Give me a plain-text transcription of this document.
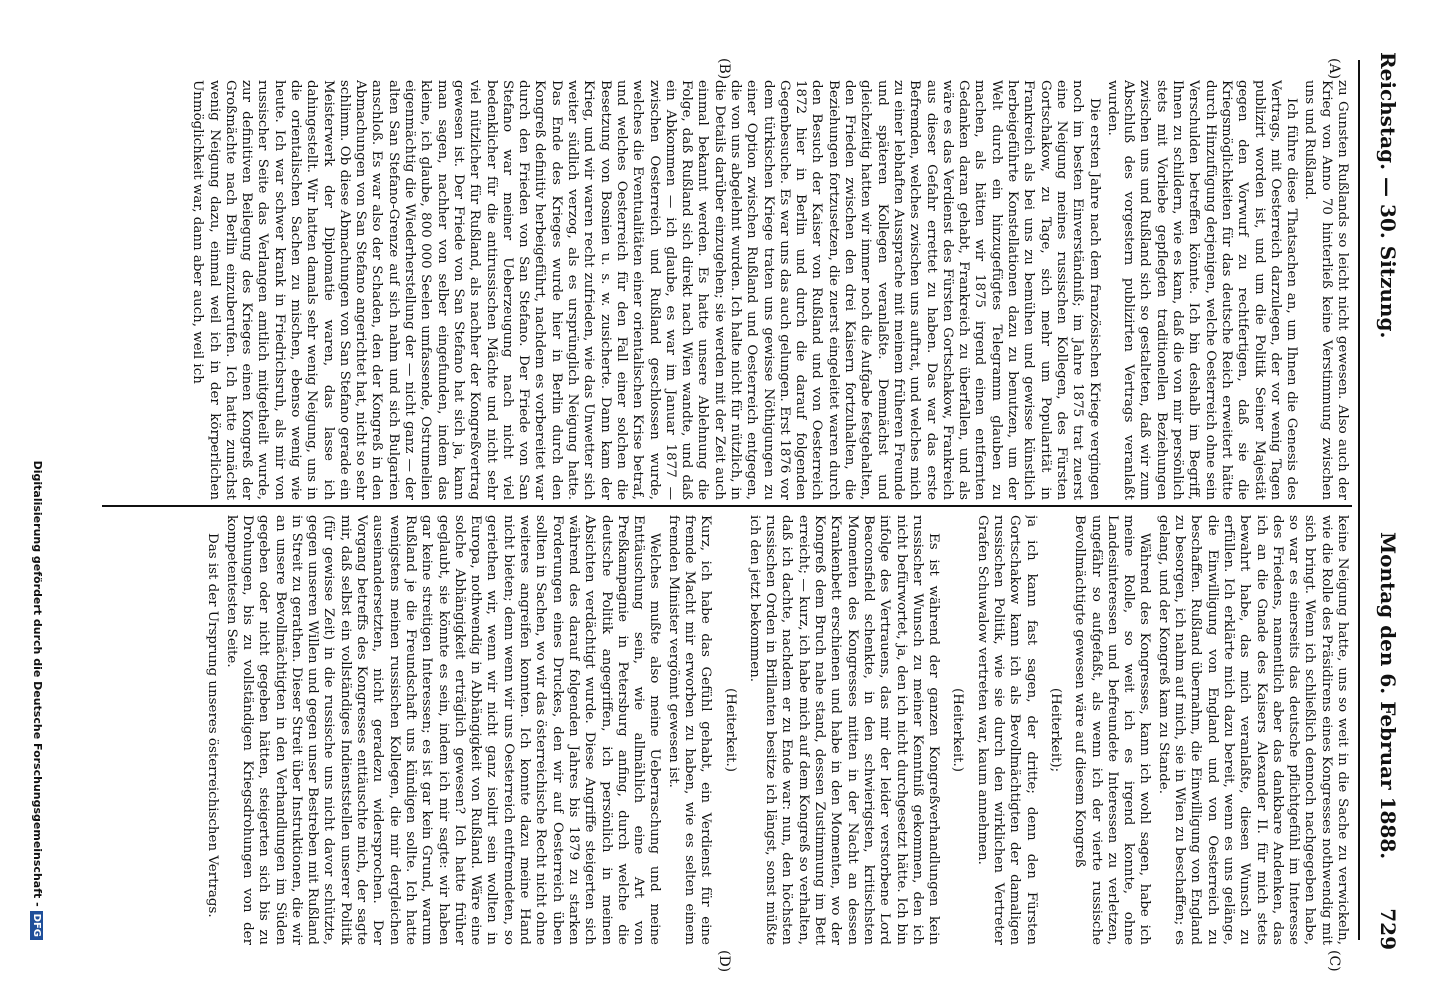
Reichstag. — 30. Sitzung.
Montag den 6. Februar 1888.
729
(A)
(B)
(C)
(D)

zu Gunsten Rußlands so leicht nicht gewesen. Also auch der Krieg von Anno 70 hinterließ keine Verstimmung zwischen uns und Rußland.

Ich führe diese Thatsachen an, um Ihnen die Genesis des Vertrags, mit Oesterreich darzulegen, der vor wenig Tagen publizirt worden ist, und um die Politik Seiner Majestät gegen den Vorwurf zu rechtfertigen, daß sie die Kriegsmöglichkeiten für das deutsche Reich erweitert hätte durch Hinzufügung derjenigen, welche Oesterreich ohne sein Verschulden betreffen könnte. Ich bin deshalb im Begriff, Ihnen zu schildern, wie es kam, daß die von mir persönlich stets mit Vorliebe gepflegten traditionellen Beziehungen zwischen uns und Rußland sich so gestalteten, daß wir zum Abschluß des vorgestern publizirten Vertrags veranlaßt wurden.

Die ersten Jahre nach dem französischen Kriege vergingen noch im besten Einverständniß; im Jahre 1875 trat zuerst eine Neigung meines russischen Kollegen, des Fürsten Gortschakow, zu Tage, sich mehr um Popularität in Frankreich als bei uns zu bemühen und gewisse künstlich herbeigeführte Konstellationen dazu zu benutzen, um der Welt durch ein hinzugefügtes Telegramm glauben zu machen, als hätten wir 1875 irgend einen entfernten Gedanken daran gehabt, Frankreich zu überfallen, und als wäre es das Verdienst des Fürsten Gortschakow, Frankreich aus dieser Gefahr errettet zu haben. Das war das erste Befremden, welches zwischen uns auftrat, und welches mich zu einer lebhaften Aussprache mit meinem früheren Freunde und späteren Kollegen veranlaßte. Demnächst und gleichzeitig hatten wir immer noch die Aufgabe festgehalten, den Frieden zwischen den drei Kaisern fortzuhalten, die Beziehungen fortzusetzen, die zuerst eingeleitet waren durch den Besuch der Kaiser von Rußland und von Oesterreich 1872 hier in Berlin und durch die darauf folgenden Gegenbesuche. Es war uns das auch gelungen. Erst 1876 vor dem türkischen Kriege traten uns gewisse Nöthigungen zu einer Option zwischen Rußland und Oesterreich entgegen, die von uns abgelehnt wurden. Ich halte nicht für nützlich, in die Details darüber einzugehen; sie werden mit der Zeit auch einmal bekannt werden. Es hatte unsere Ablehnung die Folge, daß Rußland sich direkt nach Wien wandte, und daß ein Abkommen — ich glaube, es war im Januar 1877 — zwischen Oesterreich und Rußland geschlossen wurde, welches die Eventualitäten einer orientalischen Krise betraf, und welches Oesterreich für den Fall einer solchen die Besetzung von Bosnien u. s. w. zusicherte. Dann kam der Krieg, und wir waren recht zufrieden, wie das Unwetter sich weiter südlich verzog, als es ursprünglich Neigung hatte. Das Ende des Krieges wurde hier in Berlin durch den Kongreß definitiv herbeigeführt, nachdem es vorbereitet war durch den Frieden von San Stefano. Der Friede von San Stefano war meiner Ueberzeugung nach nicht viel bedenklicher für die antirussischen Mächte und nicht sehr viel nützlicher für Rußland, als nachher der Kongreßvertrag gewesen ist. Der Friede von San Stefano hat sich ja, kann man sagen, nachher von selber eingefunden, indem das kleine, ich glaube, 800 000 Seelen umfassende, Ostrumelien eigenmächtig die Wiederherstellung der — nicht ganz — der alten San Stefano-Grenze auf sich nahm und sich Bulgarien anschloß. Es war also der Schaden, den der Kongreß in den Abmachungen von San Stefano angerichtet hat, nicht so sehr schlimm. Ob diese Abmachungen von San Stefano gerade ein Meisterwerk der Diplomatie waren, das lasse ich dahingestellt. Wir hatten damals sehr wenig Neigung, uns in die orientalischen Sachen zu mischen, ebenso wenig wie heute. Ich war schwer krank in Friedrichsruh, als mir von russischer Seite das Verlangen amtlich mitgetheilt wurde, zur definitiven Beilegung des Krieges einen Kongreß der Großmächte nach Berlin einzuberufen. Ich hatte zunächst wenig Neigung dazu, einmal weil ich in der körperlichen Unmöglichkeit war, dann aber auch, weil ich

keine Neigung hatte, uns so weit in die Sache zu verwickeln, wie die Rolle des Präsidirens eines Kongresses nothwendig mit sich bringt. Wenn ich schließlich dennoch nachgegeben habe, so war es einerseits das deutsche pflichtgefühl im Interesse des Friedens, namentlich aber das dankbare Andenken, das ich an die Gnade des Kaisers Alexander II. für mich stets bewahrt habe, das mich veranlaßte, diesen Wunsch zu erfüllen. Ich erklärte mich dazu bereit, wenn es uns gelänge, die Einwilligung von England und von Oesterreich zu beschaffen. Rußland übernahm, die Einwilligung von England zu besorgen, ich nahm auf mich, sie in Wien zu beschaffen; es gelang, und der Kongreß kam zu Stande.

Während des Kongresses, kann ich wohl sagen, habe ich meine Rolle, so weit ich es irgend konnte, ohne Landesinteressen und befreundete Interessen zu verletzen, ungefähr so aufgefaßt, als wenn ich der vierte russische Bevollmächtigte gewesen wäre auf diesem Kongreß

(Heiterkeit);

ja ich kann fast sagen, der dritte; denn den Fürsten Gortschakow kann ich als Bevollmächtigten der damaligen russischen Politik, wie sie durch den wirklichen Vertreter Grafen Schuwalow vertreten war, kaum annehmen.

(Heiterkeit.)

Es ist während der ganzen Kongreßverhandlungen kein russischer Wunsch zu meiner Kenntniß gekommen, den ich nicht befürwortet, ja, den ich nicht durchgesetzt hätte. Ich bin infolge des Vertrauens, das mir der leider verstorbene Lord Beaconsfield schenkte, in den schwierigsten, kritischsten Momenten des Kongresses mitten in der Nacht an dessen Krankenbett erschienen und habe in den Momenten, wo der Kongreß dem Bruch nahe stand, dessen Zustimmung im Bett erreicht; — kurz, ich habe mich auf dem Kongreß so verhalten, daß ich dachte, nachdem er zu Ende war: nun, den höchsten russischen Orden in Brillanten besitze ich längst, sonst müßte ich den jetzt bekommen.

(Heiterkeit.)

Kurz, ich habe das Gefühl gehabt, ein Verdienst für eine fremde Macht mir erworben zu haben, wie es selten einem fremden Minister vergönnt gewesen ist.

Welches mußte also meine Ueberraschung und meine Enttäuschung sein, wie allmählich eine Art von Preßkampagnie in Petersburg anfing, durch welche die deutsche Politik angegriffen, ich persönlich in meinen Absichten verdächtigt wurde. Diese Angriffe steigerten sich während des darauf folgenden Jahres bis 1879 zu starken Forderungen eines Druckes, den wir auf Oesterreich üben sollten in Sachen, wo wir das österreichische Recht nicht ohne weiteres angreifen konnten. Ich konnte dazu meine Hand nicht bieten; denn wenn wir uns Oesterreich entfremdeten, so geriethen wir, wenn wir nicht ganz isolirt sein wollten in Europa, nothwendig in Abhängigkeit von Rußland. Wäre eine solche Abhängigkeit erträglich gewesen? Ich hatte früher geglaubt, sie könnte es sein, indem ich mir sagte: wir haben gar keine streitigen Interessen; es ist gar kein Grund, warum Rußland je die Freundschaft uns kündigen sollte. Ich hatte wenigstens meinen russischen Kollegen, die mir dergleichen auseinandersetzten, nicht geradezu widersprochen. Der Vorgang betreffs des Kongresses enttäuschte mich, der sagte mir, daß selbst ein vollständiges Indienststellen unserer Politik (für gewisse Zeit) in die russische uns nicht davor schützte, gegen unseren Willen und gegen unser Bestreben mit Rußland in Streit zu gerathen. Dieser Streit über Instruktionen, die wir an unsere Bevollmächtigten in den Verhandlungen im Süden gegeben oder nicht gegeben hätten, steigerten sich bis zu Drohungen, bis zu vollständigen Kriegsdrohungen von der kompetentesten Seite.

Das ist der Ursprung unseres österreichischen Vertrags.

Digitalisierung gefördert durch die Deutsche Forschungsgemeinschaft -DFG
